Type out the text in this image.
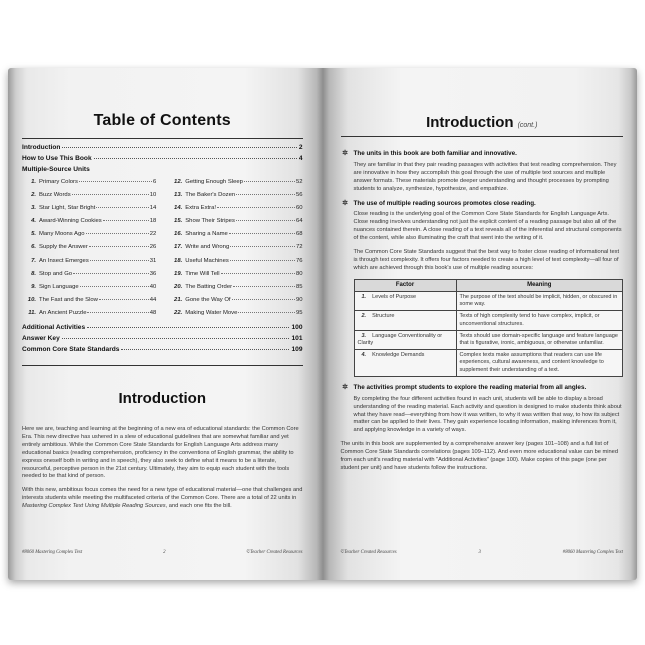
Table of Contents
Introduction	2
How to Use This Book	4
Multiple-Source Units
1. Primary Colors	6	12. Getting Enough Sleep	52
2. Buzz Words	10	13. The Baker's Dozen	56
3. Star Light, Star Bright	14	14. Extra Extra!	60
4. Award-Winning Cookies	18	15. Show Their Stripes	64
5. Many Moons Ago	22	16. Sharing a Name	68
6. Supply the Answer	26	17. Write and Wrong	72
7. An Insect Emerges	31	18. Useful Machines	76
8. Stop and Go	36	19. Time Will Tell	80
9. Sign Language	40	20. The Batting Order	85
10. The Fast and the Slow	44	21. Gone the Way Of	90
11. An Ancient Puzzle	48	22. Making Water Move	95
Additional Activities	100
Answer Key	101
Common Core State Standards	109
Introduction

Here we are, teaching and learning at the beginning of a new era of educational standards: the Common Core Era. This new directive has ushered in a slew of educational guidelines that are somewhat familiar and yet entirely ambitious. While the Common Core State Standards for English Language Arts address many educational basics (reading comprehension, proficiency in the conventions of English grammar, the ability to express oneself both in writing and in speech), they also seek to define what it means to be a literate, resourceful, perceptive person in the 21st century. Ultimately, they aim to equip each student with the tools needed to be that kind of person.

With this new, ambitious focus comes the need for a new type of educational material—one that challenges and interests students while meeting the multifaceted criteria of the Common Core. There are a total of 22 units in Mastering Complex Text Using Multiple Reading Sources, and each one fits the bill.

#8060 Mastering Complex Text	2	©Teacher Created Resources
Introduction (cont.)
✲ The units in this book are both familiar and innovative.
They are familiar in that they pair reading passages with activities that test reading comprehension. They are innovative in how they accomplish this goal through the use of multiple text sources and multiple answer formats. These materials promote deeper understanding and thought processes by prompting students to analyze, synthesize, hypothesize, and empathize.
✲ The use of multiple reading sources promotes close reading.
Close reading is the underlying goal of the Common Core State Standards for English Language Arts. Close reading involves understanding not just the explicit content of a reading passage but also all of the nuances contained therein. A close reading of a text reveals all of the inferential and structural components of the content, while also illuminating the craft that went into the writing of it.
The Common Core State Standards suggest that the best way to foster close reading of informational text is through text complexity. It offers four factors needed to create a high level of text complexity—all four of which are achieved through this book's use of multiple reading sources:
Factor	Meaning
1. Levels of Purpose	The purpose of the text should be implicit, hidden, or obscured in some way.
2. Structure	Texts of high complexity tend to have complex, implicit, or unconventional structures.
3. Language Conventionality or Clarity	Texts should use domain-specific language and feature language that is figurative, ironic, ambiguous, or otherwise unfamiliar.
4. Knowledge Demands	Complex texts make assumptions that readers can use life experiences, cultural awareness, and content knowledge to supplement their understanding of a text.
✲ The activities prompt students to explore the reading material from all angles.
By completing the four different activities found in each unit, students will be able to display a broad understanding of the reading material. Each activity and question is designed to make students think about what they have read—everything from how it was written, to why it was written that way, to how its subject matter can be applied to their lives. They gain experience locating information, making inferences from it, and applying knowledge in a variety of ways.
The units in this book are supplemented by a comprehensive answer key (pages 101–108) and a full list of Common Core State Standards correlations (pages 109–112). And even more educational value can be mined from each unit's reading material with "Additional Activities" (page 100). Make copies of this page (one per student per unit) and have students follow the instructions.
©Teacher Created Resources	3	#8060 Mastering Complex Text
